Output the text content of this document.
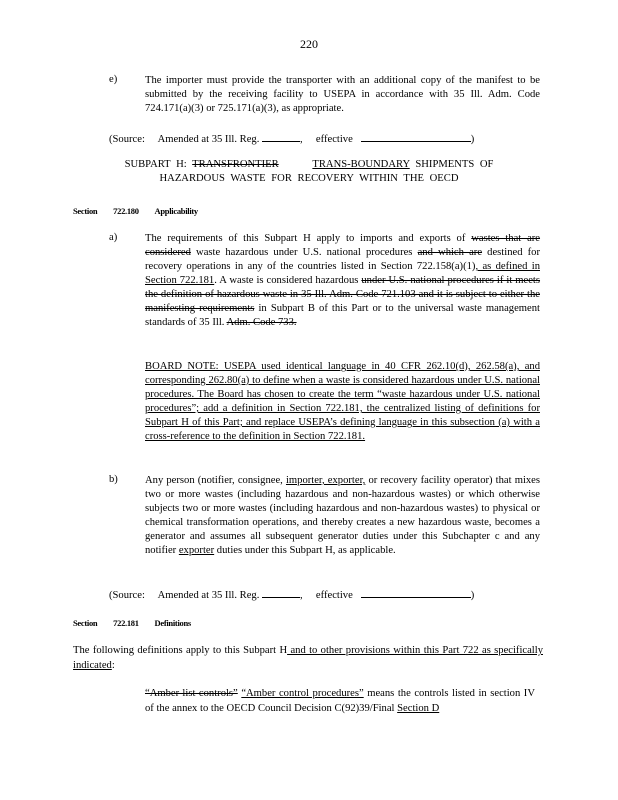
220
e)	The importer must provide the transporter with an additional copy of the manifest to be submitted by the receiving facility to USEPA in accordance with 35 Ill. Adm. Code 724.171(a)(3) or 725.171(a)(3), as appropriate.
(Source: Amended at 35 Ill. Reg.	, effective	)
SUBPART H: TRANSFRONTIER	TRANS-BOUNDARY SHIPMENTS OF
HAZARDOUS WASTE FOR RECOVERY WITHIN THE OECD
Section 722.180 Applicability
a)	The requirements of this Subpart H apply to imports and exports of wastes that are considered waste hazardous under U.S. national procedures and which are destined for recovery operations in any of the countries listed in Section 722.158(a)(1), as defined in Section 722.181. A waste is considered hazardous under U.S. national procedures if it meets the definition of hazardous waste in 35 Ill. Adm. Code 721.103 and it is subject to either the manifesting requirements in Subpart B of this Part or to the universal waste management standards of 35 Ill. Adm. Code 733.
BOARD NOTE: USEPA used identical language in 40 CFR 262.10(d), 262.58(a), and corresponding 262.80(a) to define when a waste is considered hazardous under U.S. national procedures. The Board has chosen to create the term “waste hazardous under U.S. national procedures”; add a definition in Section 722.181, the centralized listing of definitions for Subpart H of this Part; and replace USEPA’s defining language in this subsection (a) with a cross-reference to the definition in Section 722.181.
b)	Any person (notifier, consignee, importer, exporter, or recovery facility operator) that mixes two or more wastes (including hazardous and non-hazardous wastes) or which otherwise subjects two or more wastes (including hazardous and non-hazardous wastes) to physical or chemical transformation operations, and thereby creates a new hazardous waste, becomes a generator and assumes all subsequent generator duties under this Subchapter c and any notifier exporter duties under this Subpart H, as applicable.
(Source: Amended at 35 Ill. Reg.	, effective	)
Section 722.181 Definitions
The following definitions apply to this Subpart H and to other provisions within this Part 722 as specifically indicated:
“Amber-list controls” “Amber control procedures” means the controls listed in section IV of the annex to the OECD Council Decision C(92)39/Final Section D
